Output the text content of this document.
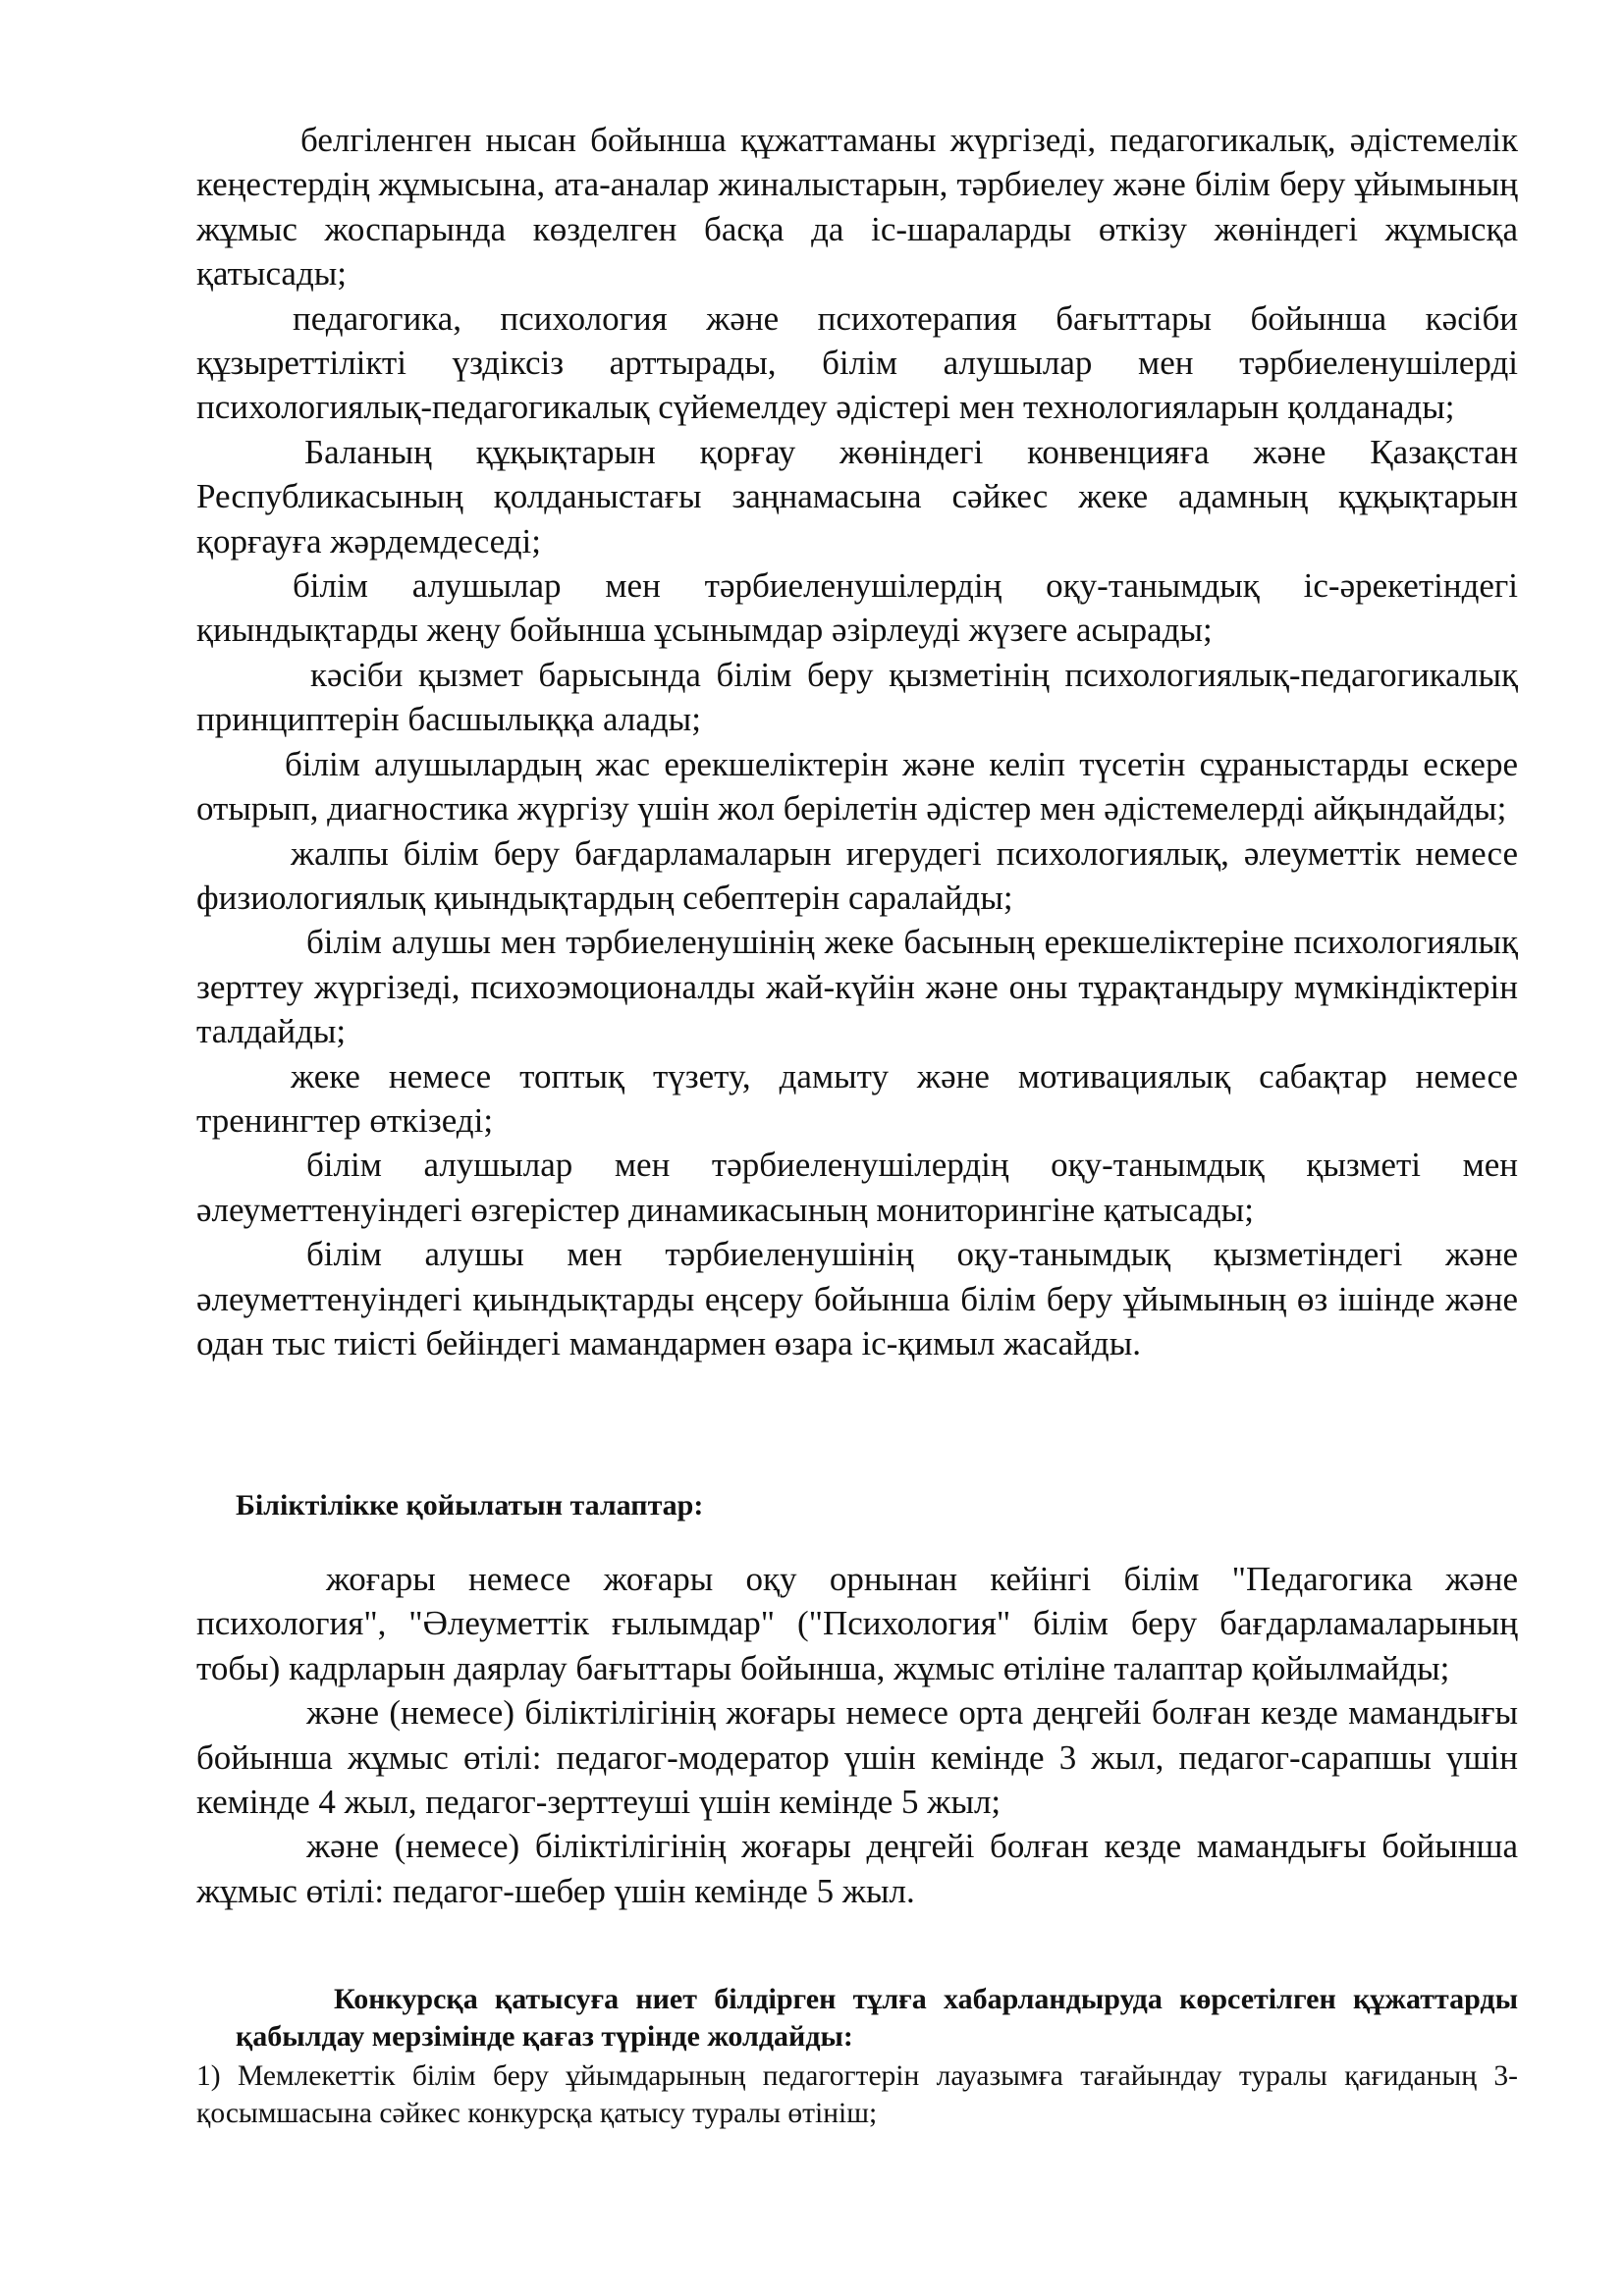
белгіленген нысан бойынша құжаттаманы жүргізеді, педагогикалық, әдістемелік кеңестердің жұмысына, ата-аналар жиналыстарын, тәрбиелеу және білім беру ұйымының жұмыс жоспарында көзделген басқа да іс-шараларды өткізу жөніндегі жұмысқа қатысады;

педагогика, психология және психотерапия бағыттары бойынша кәсіби құзыреттілікті үздіксіз арттырады, білім алушылар мен тәрбиеленушілерді психологиялық-педагогикалық сүйемелдеу әдістері мен технологияларын қолданады;

Баланың құқықтарын қорғау жөніндегі конвенцияға және Қазақстан Республикасының қолданыстағы заңнамасына сәйкес жеке адамның құқықтарын қорғауға жәрдемдеседі;

білім алушылар мен тәрбиеленушілердің оқу-танымдық іс-әрекетіндегі қиындықтарды жеңу бойынша ұсынымдар әзірлеуді жүзеге асырады;

кәсіби қызмет барысында білім беру қызметінің психологиялық-педагогикалық принциптерін басшылыққа алады;

білім алушылардың жас ерекшеліктерін және келіп түсетін сұраныстарды ескере отырып, диагностика жүргізу үшін жол берілетін әдістер мен әдістемелерді айқындайды;

жалпы білім беру бағдарламаларын игерудегі психологиялық, әлеуметтік немесе физиологиялық қиындықтардың себептерін саралайды;

білім алушы мен тәрбиеленушінің жеке басының ерекшеліктеріне психологиялық зерттеу жүргізеді, психоэмоционалды жай-күйін және оны тұрақтандыру мүмкіндіктерін талдайды;

жеке немесе топтық түзету, дамыту және мотивациялық сабақтар немесе тренингтер өткізеді;

білім алушылар мен тәрбиеленушілердің оқу-танымдық қызметі мен әлеуметтенуіндегі өзгерістер динамикасының мониторингіне қатысады;

білім алушы мен тәрбиеленушінің оқу-танымдық қызметіндегі және әлеуметтенуіндегі қиындықтарды еңсеру бойынша білім беру ұйымының өз ішінде және одан тыс тиісті бейіндегі мамандармен өзара іс-қимыл жасайды.

Біліктілікке қойылатын талаптар:

жоғары немесе жоғары оқу орнынан кейінгі білім "Педагогика және психология", "Әлеуметтік ғылымдар" ("Психология" білім беру бағдарламаларының тобы) кадрларын даярлау бағыттары бойынша, жұмыс өтіліне талаптар қойылмайды;

және (немесе) біліктілігінің жоғары немесе орта деңгейі болған кезде мамандығы бойынша жұмыс өтілі: педагог-модератор үшін кемінде 3 жыл, педагог-сарапшы үшін кемінде 4 жыл, педагог-зерттеуші үшін кемінде 5 жыл;

және (немесе) біліктілігінің жоғары деңгейі болған кезде мамандығы бойынша жұмыс өтілі: педагог-шебер үшін кемінде 5 жыл.

Конкурсқа қатысуға ниет білдірген тұлға хабарландыруда көрсетілген құжаттарды қабылдау мерзімінде қағаз түрінде жолдайды:

1) Мемлекеттік білім беру ұйымдарының педагогтерін лауазымға тағайындау туралы қағиданың 3- қосымшасына сәйкес конкурсқа қатысу туралы өтініш;
